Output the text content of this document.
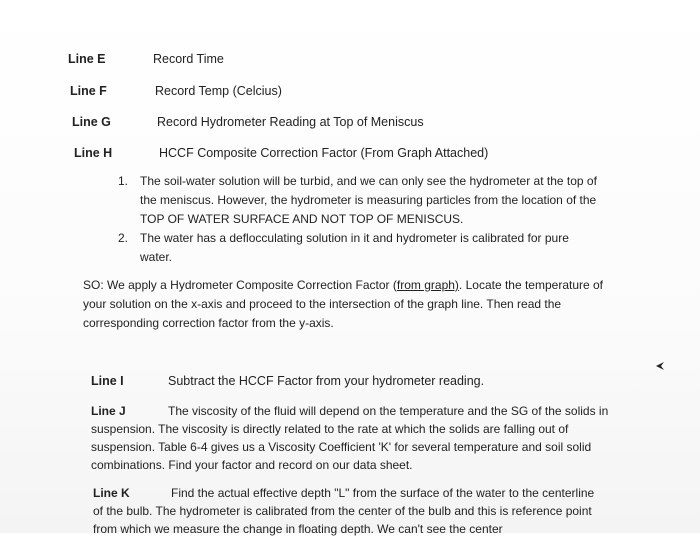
Line E	Record Time
Line F	Record Temp (Celcius)
Line G	Record Hydrometer Reading at Top of Meniscus
Line H	HCCF Composite Correction Factor (From Graph Attached)
1. The soil-water solution will be turbid, and we can only see the hydrometer at the top of the meniscus. However, the hydrometer is measuring particles from the location of the TOP OF WATER SURFACE AND NOT TOP OF MENISCUS.
2. The water has a deflocculating solution in it and hydrometer is calibrated for pure water.
SO: We apply a Hydrometer Composite Correction Factor (from graph). Locate the temperature of your solution on the x-axis and proceed to the intersection of the graph line. Then read the corresponding correction factor from the y-axis.
Line I	Subtract the HCCF Factor from your hydrometer reading.
Line J	The viscosity of the fluid will depend on the temperature and the SG of the solids in suspension. The viscosity is directly related to the rate at which the solids are falling out of suspension. Table 6-4 gives us a Viscosity Coefficient 'K' for several temperature and soil solid combinations. Find your factor and record on our data sheet.
Line K	Find the actual effective depth "L" from the surface of the water to the centerline of the bulb. The hydrometer is calibrated from the center of the bulb and this is reference point from which we measure the change in floating depth. We can't see the center
